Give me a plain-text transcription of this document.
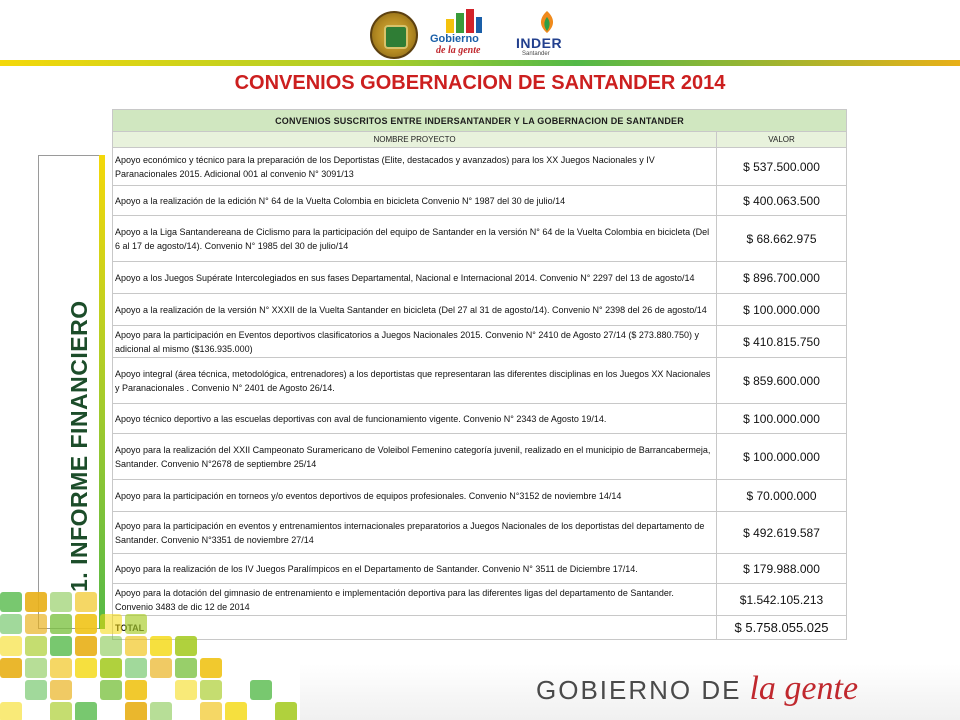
Gobierno
de la gente	INDER
Santander
CONVENIOS GOBERNACION DE SANTANDER 2014
1. INFORME FINANCIERO
CONVENIOS SUSCRITOS ENTRE INDERSANTANDER Y LA GOBERNACION DE SANTANDER	
NOMBRE PROYECTO	VALOR
Apoyo económico y técnico para la preparación de los Deportistas (Elite, destacados y avanzados) para los XX Juegos Nacionales y IV Paranacionales 2015. Adicional 001 al convenio N° 3091/13	$ 537.500.000
Apoyo a la realización de la edición N° 64 de la Vuelta Colombia en bicicleta Convenio N° 1987 del 30 de julio/14	$ 400.063.500
Apoyo a la Liga Santandereana de Ciclismo para la participación del equipo de Santander en la versión N° 64 de la Vuelta Colombia en bicicleta (Del 6 al 17 de agosto/14). Convenio N° 1985 del 30 de julio/14	$ 68.662.975
Apoyo a los Juegos Supérate Intercolegiados en sus fases Departamental, Nacional e Internacional 2014. Convenio N° 2297 del 13 de agosto/14	$ 896.700.000
Apoyo a la realización de la versión N° XXXII de la Vuelta Santander en bicicleta (Del 27 al 31 de agosto/14). Convenio N° 2398 del 26 de agosto/14	$ 100.000.000
Apoyo para la participación en Eventos deportivos clasificatorios a Juegos Nacionales 2015. Convenio N° 2410 de Agosto 27/14 ($ 273.880.750) y adicional al mismo ($136.935.000)	$ 410.815.750
Apoyo integral (área técnica, metodológica, entrenadores) a los deportistas que representaran las diferentes disciplinas en los Juegos XX Nacionales y Paranacionales . Convenio N° 2401 de Agosto 26/14.	$ 859.600.000
Apoyo técnico deportivo a las escuelas deportivas con aval de funcionamiento vigente. Convenio N° 2343 de Agosto 19/14.	$ 100.000.000
Apoyo para la realización del XXII Campeonato Suramericano de Voleibol Femenino categoría juvenil, realizado en el municipio de Barrancabermeja, Santander. Convenio N°2678 de septiembre 25/14	$ 100.000.000
Apoyo para la participación en torneos y/o eventos deportivos de equipos profesionales. Convenio N°3152 de noviembre 14/14	$ 70.000.000
Apoyo para la participación en eventos y entrenamientos internacionales preparatorios a Juegos Nacionales de los deportistas del departamento de Santander. Convenio N°3351 de noviembre 27/14	$ 492.619.587
Apoyo para la realización de los IV Juegos Paralímpicos en el Departamento de Santander. Convenio N° 3511 de Diciembre 17/14.	$ 179.988.000
Apoyo para la dotación del gimnasio de entrenamiento e implementación deportiva para las diferentes ligas del departamento de Santander. Convenio 3483 de dic 12 de 2014	$1.542.105.213
	$ 5.758.055.025
GOBIERNO DE la gente
